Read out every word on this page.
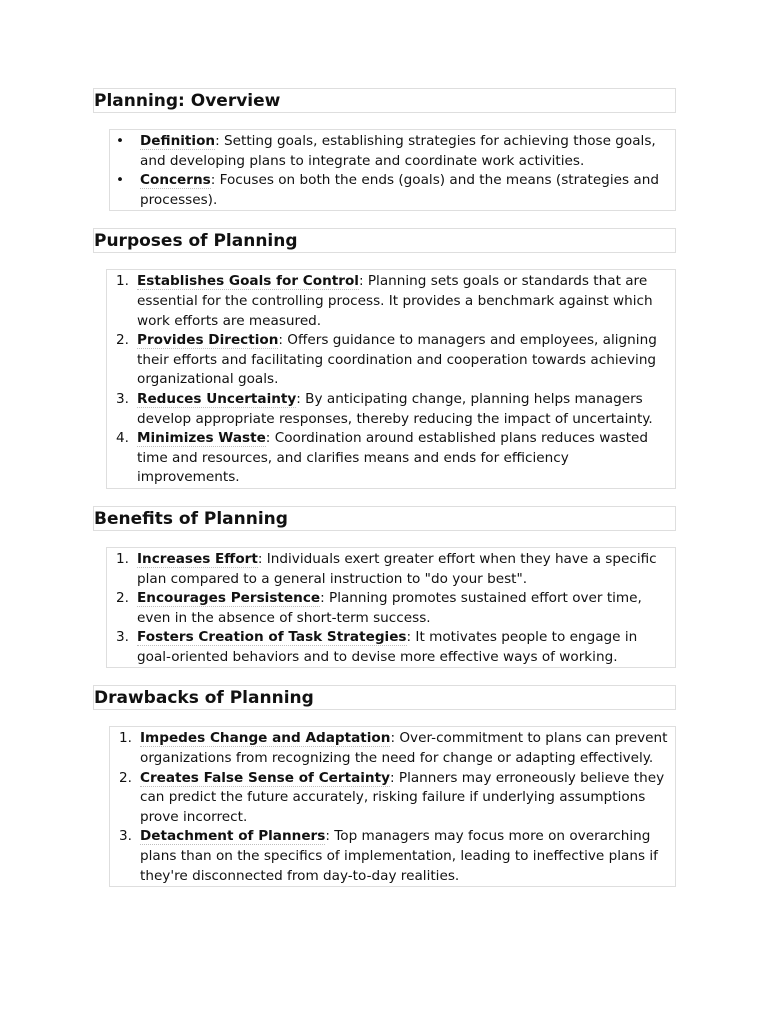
Planning: Overview
• Definition: Setting goals, establishing strategies for achieving those goals, and developing plans to integrate and coordinate work activities.
• Concerns: Focuses on both the ends (goals) and the means (strategies and processes).
Purposes of Planning
1. Establishes Goals for Control: Planning sets goals or standards that are essential for the controlling process. It provides a benchmark against which work efforts are measured.
2. Provides Direction: Offers guidance to managers and employees, aligning their efforts and facilitating coordination and cooperation towards achieving organizational goals.
3. Reduces Uncertainty: By anticipating change, planning helps managers develop appropriate responses, thereby reducing the impact of uncertainty.
4. Minimizes Waste: Coordination around established plans reduces wasted time and resources, and clarifies means and ends for efficiency improvements.
Benefits of Planning
1. Increases Effort: Individuals exert greater effort when they have a specific plan compared to a general instruction to "do your best".
2. Encourages Persistence: Planning promotes sustained effort over time, even in the absence of short-term success.
3. Fosters Creation of Task Strategies: It motivates people to engage in goal-oriented behaviors and to devise more effective ways of working.
Drawbacks of Planning
1. Impedes Change and Adaptation: Over-commitment to plans can prevent organizations from recognizing the need for change or adapting effectively.
2. Creates False Sense of Certainty: Planners may erroneously believe they can predict the future accurately, risking failure if underlying assumptions prove incorrect.
3. Detachment of Planners: Top managers may focus more on overarching plans than on the specifics of implementation, leading to ineffective plans if they're disconnected from day-to-day realities.
